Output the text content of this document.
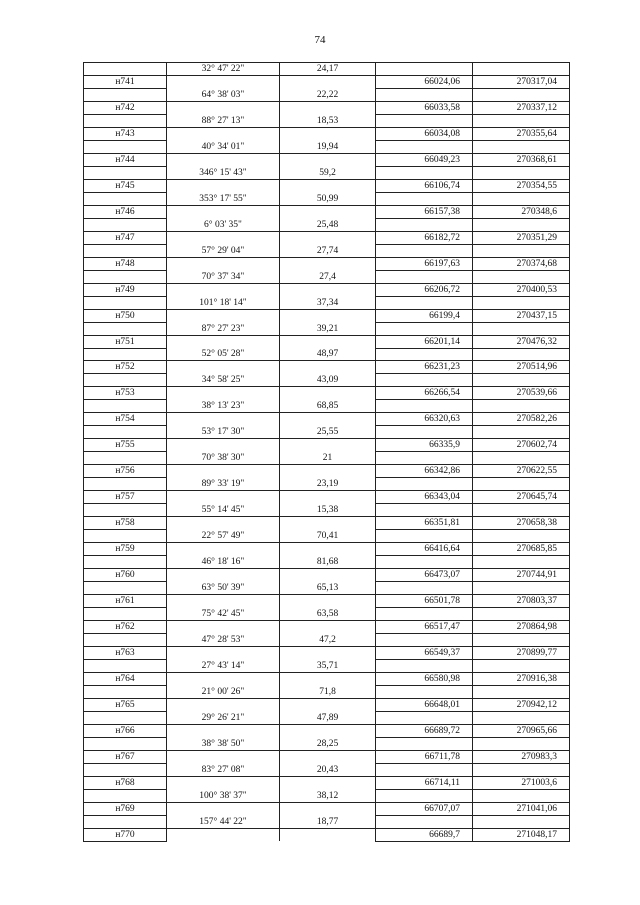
74
	32° 47' 22"	24,17		
н741			66024,06	270317,04
	64° 38' 03"	22,22		
н742			66033,58	270337,12
	88° 27' 13"	18,53		
н743			66034,08	270355,64
	40° 34' 01"	19,94		
н744			66049,23	270368,61
	346° 15' 43"	59,2		
н745			66106,74	270354,55
	353° 17' 55"	50,99		
н746			66157,38	270348,6
	6° 03' 35"	25,48		
н747			66182,72	270351,29
	57° 29' 04"	27,74		
н748			66197,63	270374,68
	70° 37' 34"	27,4		
н749			66206,72	270400,53
	101° 18' 14"	37,34		
н750			66199,4	270437,15
	87° 27' 23"	39,21		
н751			66201,14	270476,32
	52° 05' 28"	48,97		
н752			66231,23	270514,96
	34° 58' 25"	43,09		
н753			66266,54	270539,66
	38° 13' 23"	68,85		
н754			66320,63	270582,26
	53° 17' 30"	25,55		
н755			66335,9	270602,74
	70° 38' 30"	21		
н756			66342,86	270622,55
	89° 33' 19"	23,19		
н757			66343,04	270645,74
	55° 14' 45"	15,38		
н758			66351,81	270658,38
	22° 57' 49"	70,41		
н759			66416,64	270685,85
	46° 18' 16"	81,68		
н760			66473,07	270744,91
	63° 50' 39"	65,13		
н761			66501,78	270803,37
	75° 42' 45"	63,58		
н762			66517,47	270864,98
	47° 28' 53"	47,2		
н763			66549,37	270899,77
	27° 43' 14"	35,71		
н764			66580,98	270916,38
	21° 00' 26"	71,8		
н765			66648,01	270942,12
	29° 26' 21"	47,89		
н766			66689,72	270965,66
	38° 38' 50"	28,25		
н767			66711,78	270983,3
	83° 27' 08"	20,43		
н768			66714,11	271003,6
	100° 38' 37"	38,12		
н769			66707,07	271041,06
	157° 44' 22"	18,77		
н770			66689,7	271048,17
